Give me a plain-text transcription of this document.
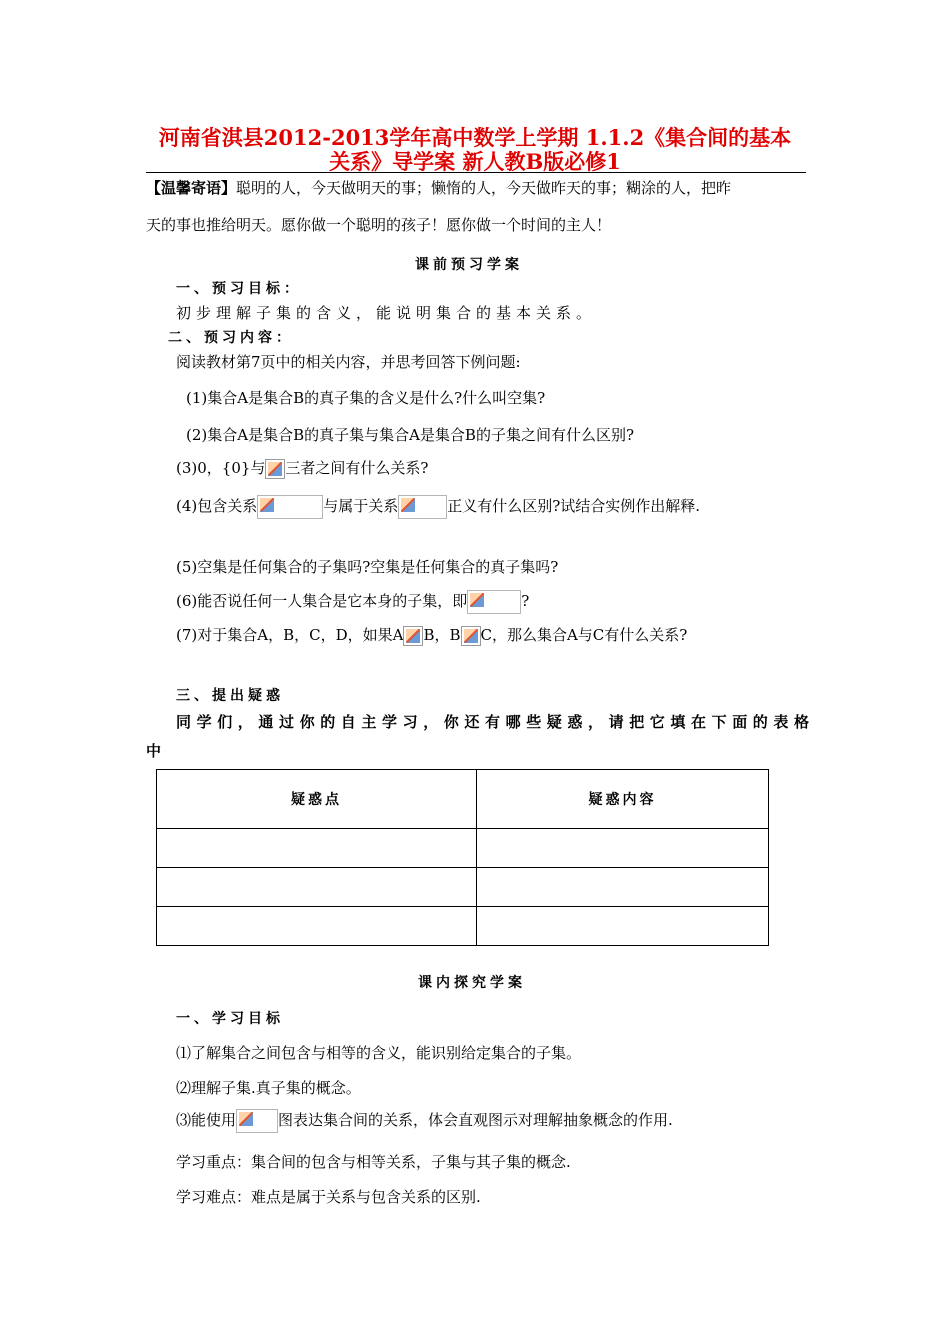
河南省淇县2012-2013学年高中数学上学期 1.1.2《集合间的基本
关系》导学案 新人教B版必修1
【温馨寄语】聪明的人，今天做明天的事；懒惰的人，今天做昨天的事；糊涂的人，把昨
天的事也推给明天。愿你做一个聪明的孩子！愿你做一个时间的主人！
课前预习学案
一、预习目标：
初步理解子集的含义，能说明集合的基本关系。
二、预习内容：
阅读教材第7页中的相关内容，并思考回答下例问题:
(1)集合A是集合B的真子集的含义是什么?什么叫空集?
(2)集合A是集合B的真子集与集合A是集合B的子集之间有什么区别?
(3)0，{0}与 三者之间有什么关系?
(4)包含关系	与属于关系	正义有什么区别?试结合实例作出解释.
(5)空集是任何集合的子集吗?空集是任何集合的真子集吗?
(6)能否说任何一人集合是它本身的子集，即	?
(7)对于集合A，B，C，D，如果A B，B C，那么集合A与C有什么关系?
三、提出疑惑
同学们，通过你的自主学习，你还有哪些疑惑，请把它填在下面的表格
中
疑惑点	疑惑内容

课内探究学案
一、学习目标
⑴了解集合之间包含与相等的含义，能识别给定集合的子集。
⑵理解子集.真子集的概念。
⑶能使用	图表达集合间的关系，体会直观图示对理解抽象概念的作用.
学习重点：集合间的包含与相等关系，子集与其子集的概念.
学习难点：难点是属于关系与包含关系的区别.
